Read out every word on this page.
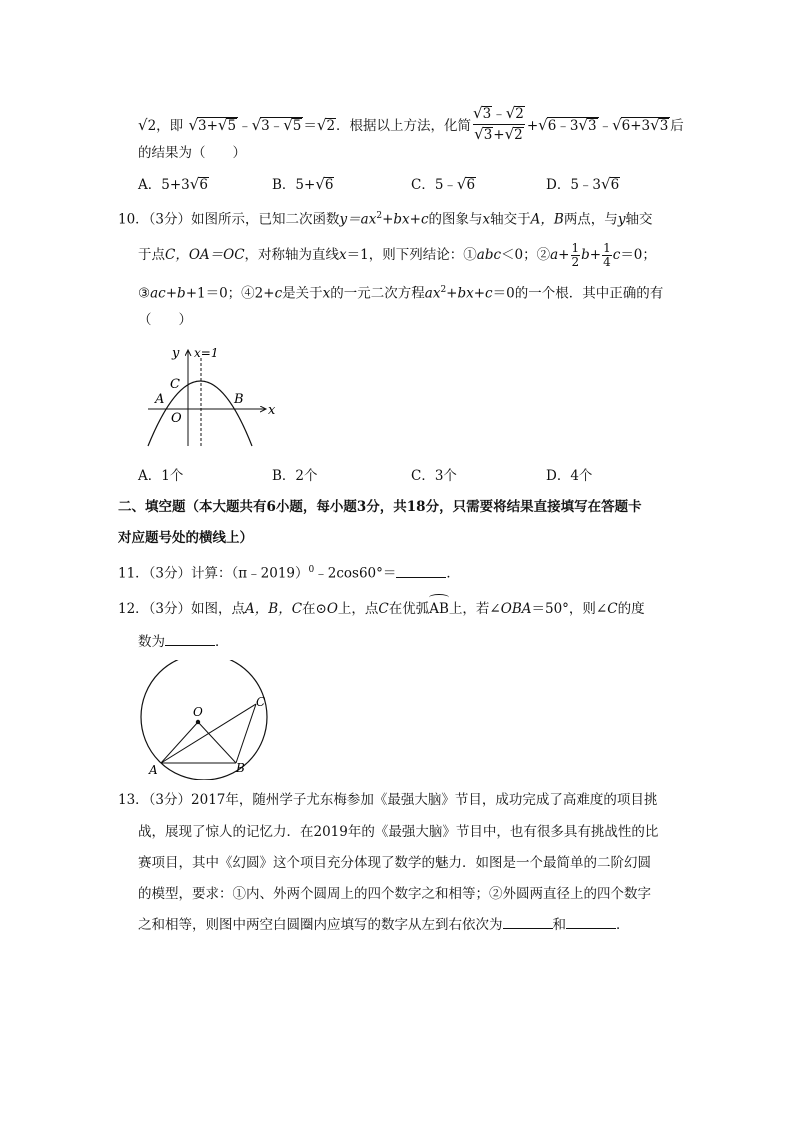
√2，即 √3+√5 ﹣√3﹣√5 ＝√2．根据以上方法，化简 $\frac{√3﹣√2}{√3+√2}$ +√6﹣3√3 ﹣√6+3√3 后
的结果为（　　）
A．5+3√6	B．5+√6	C．5﹣√6	D．5﹣3√6
10．（3分）如图所示，已知二次函数$y=ax^2+bx+c$的图象与x轴交于A，B两点，与y轴交
于点C，OA＝OC，对称轴为直线x＝1，则下列结论：①abc＜0；②a+ $\frac{1}{2} b+ \frac{1}{4} c=0$；
③ac+b+1＝0；④2+c是关于x的一元二次方程$ax^2+bx+c=0$的一个根．其中正确的有
（　　）
y x=1
C
A
O
B
x
A．1个	B．2个	C．3个	D．4个
二、填空题（本大题共有6小题，每小题3分，共18分，只需要将结果直接填写在答题卡
对应题号处的横线上）
11．（3分）计算：（π﹣2019）$^0$﹣2cos60°＝	．
12．（3分）如图，点A，B，C在⊙O上，点C在优弧AB上，若∠OBA＝50°，则∠C的度
数为	．
O
C
A	B
13．（3分）2017年，随州学子尤东梅参加《最强大脑》节目，成功完成了高难度的项目挑
战，展现了惊人的记忆力．在2019年的《最强大脑》节目中，也有很多具有挑战性的比
赛项目，其中《幻圆》这个项目充分体现了数学的魅力．如图是一个最简单的二阶幻圆
的模型，要求：①内、外两个圆周上的四个数字之和相等；②外圆两直径上的四个数字
之和相等，则图中两空白圆圈内应填写的数字从左到右依次为	和	．
